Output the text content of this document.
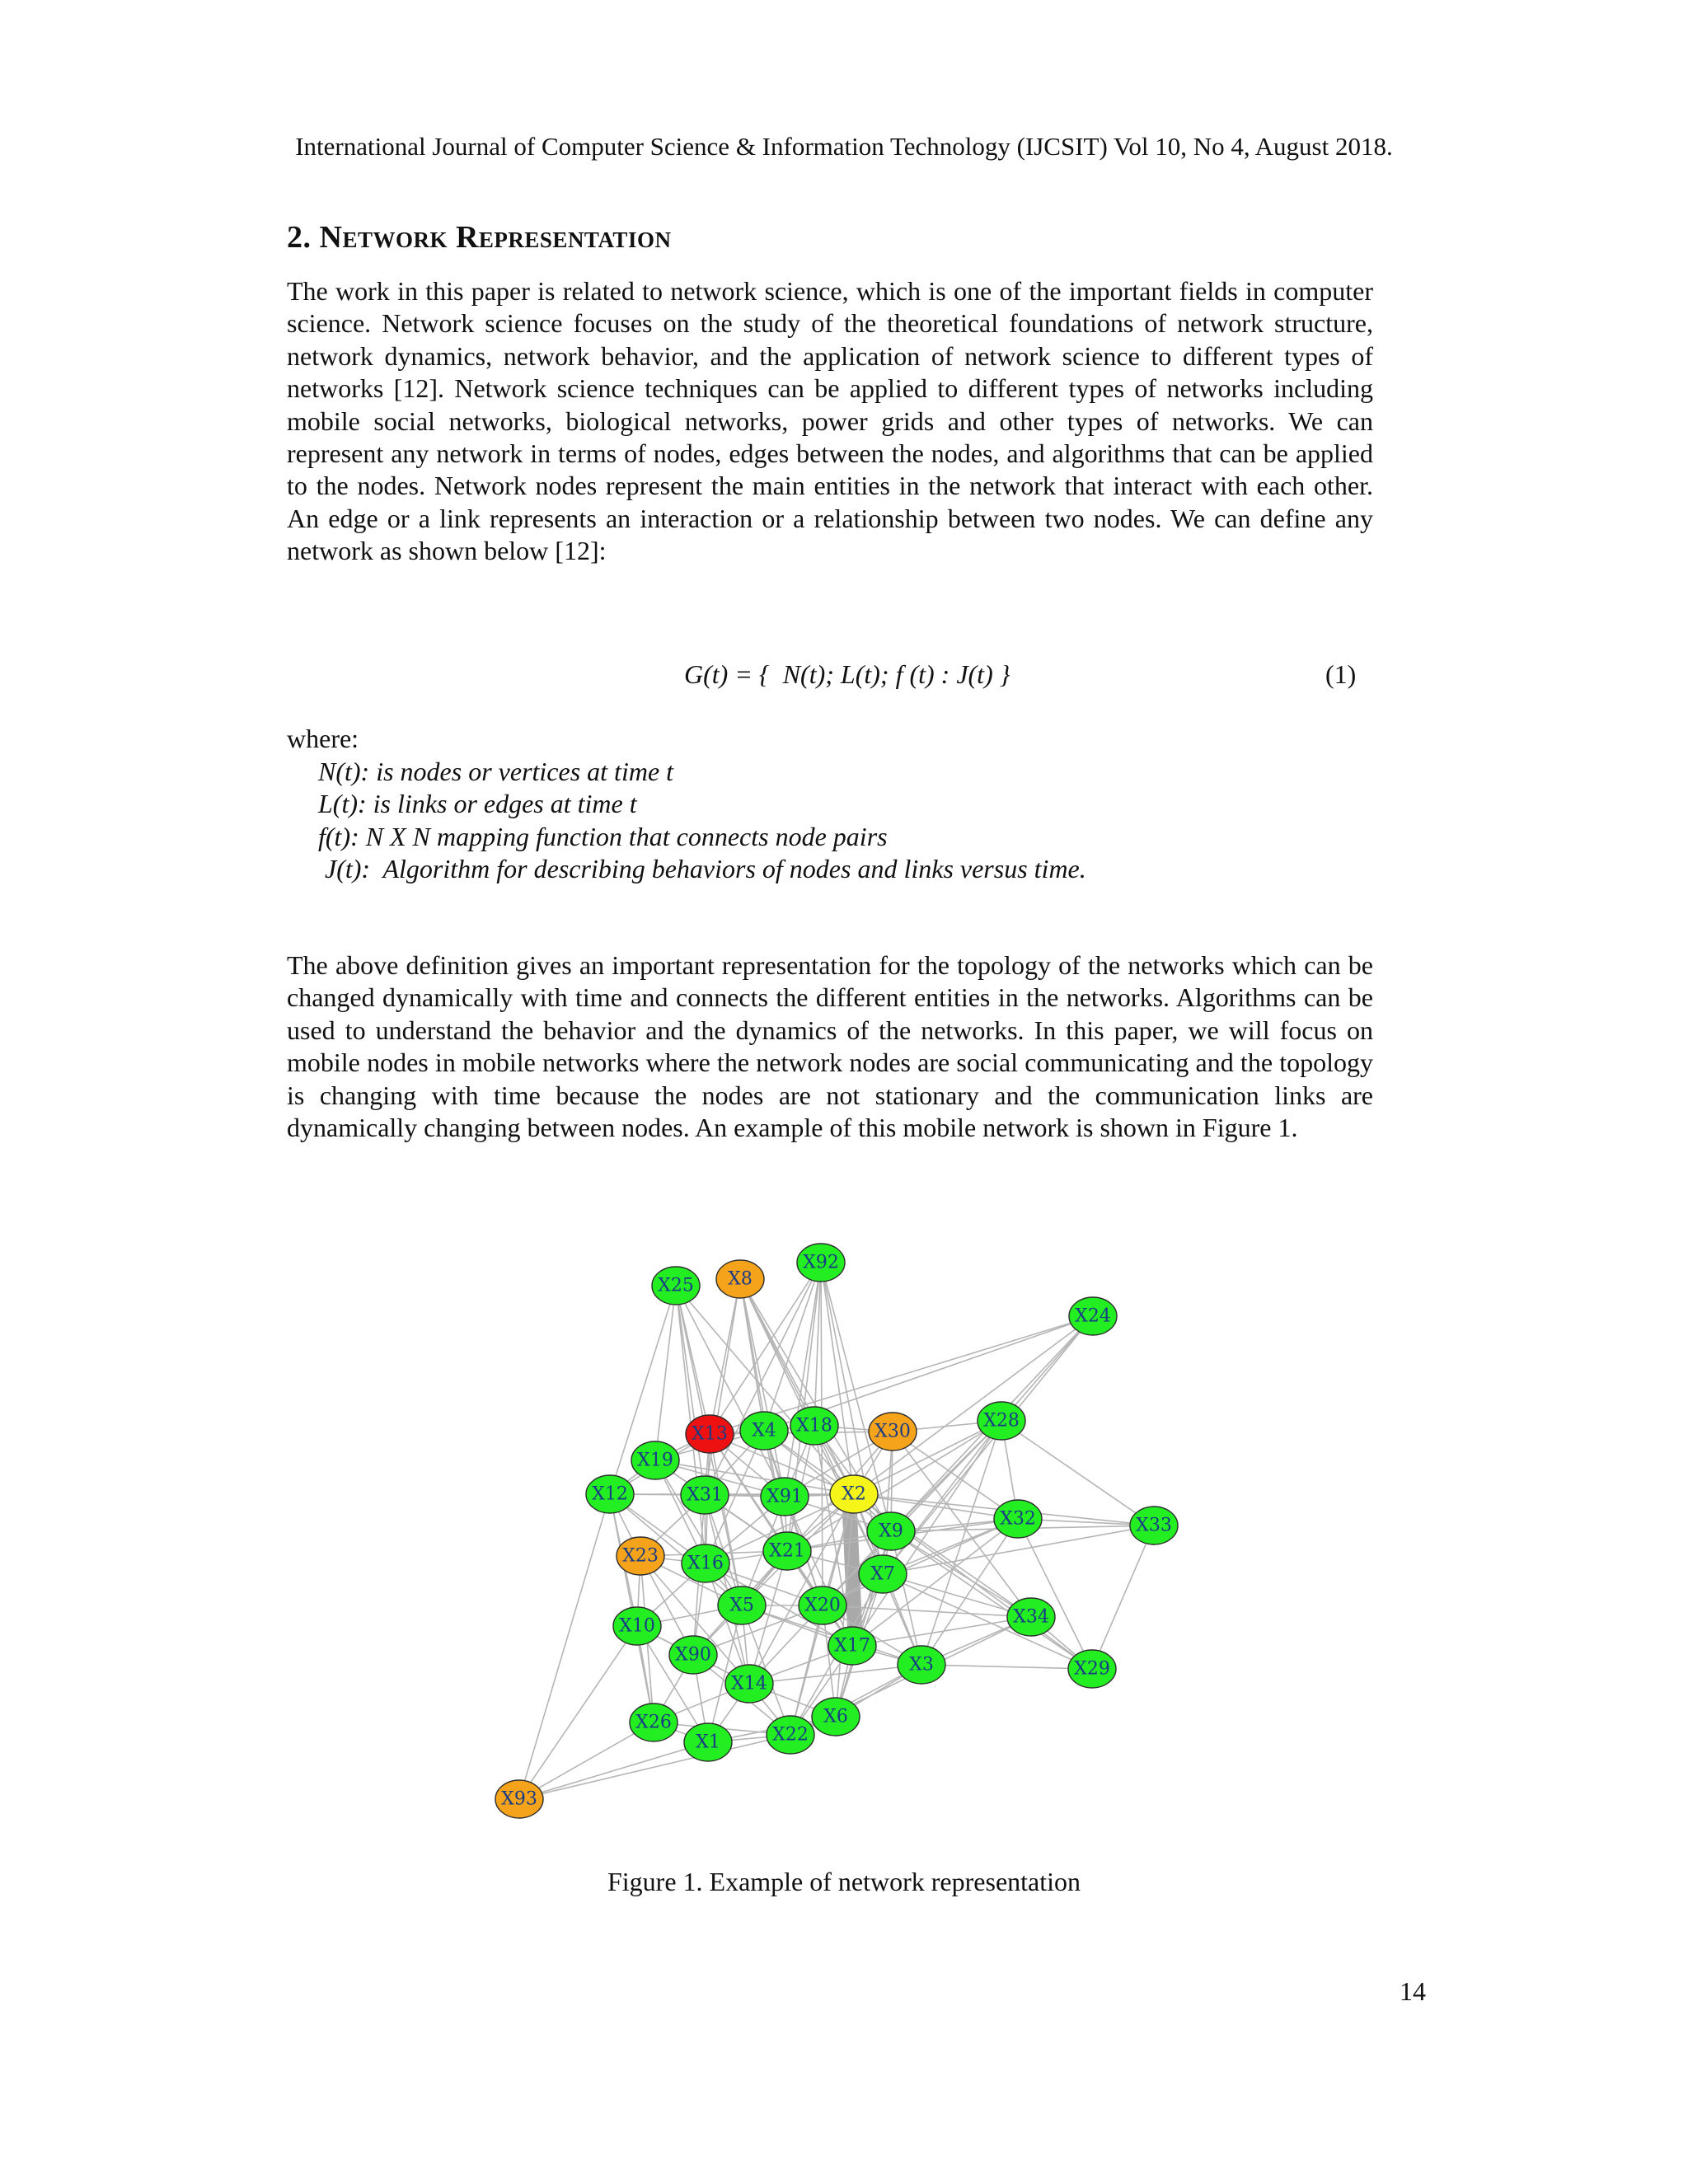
International Journal of Computer Science & Information Technology (IJCSIT) Vol 10, No 4, August 2018.
2. Network Representation

The work in this paper is related to network science, which is one of the important fields in computer science. Network science focuses on the study of the theoretical foundations of network structure, network dynamics, network behavior, and the application of network science to different types of networks [12]. Network science techniques can be applied to different types of networks including mobile social networks, biological networks, power grids and other types of networks. We can represent any network in terms of nodes, edges between the nodes, and algorithms that can be applied to the nodes. Network nodes represent the main entities in the network that interact with each other. An edge or a link represents an interaction or a relationship between two nodes. We can define any network as shown below [12]:

G(t) = {  N(t); L(t); f (t) : J(t) }	(1)
where:
N(t): is nodes or vertices at time t
L(t): is links or edges at time t
f(t): N X N mapping function that connects node pairs
J(t):  Algorithm for describing behaviors of nodes and links versus time.

The above definition gives an important representation for the topology of the networks which can be changed dynamically with time and connects the different entities in the networks. Algorithms can be used to understand the behavior and the dynamics of the networks. In this paper, we will focus on mobile nodes in mobile networks where the network nodes are social communicating and the topology is changing with time because the nodes are not stationary and the communication links are dynamically changing between nodes. An example of this mobile network is shown in Figure 1.

X25 X8
X92
X24
X13 X4 X18 X30
X28
X19
X12	X31 X91 X2
X9
X32	X33
X23 X16
X21
X7
X5	X20
X34
X10
X17
X90	X3	X29
X14
X26	X6
X1	X22
X93
Figure 1. Example of network representation
14
